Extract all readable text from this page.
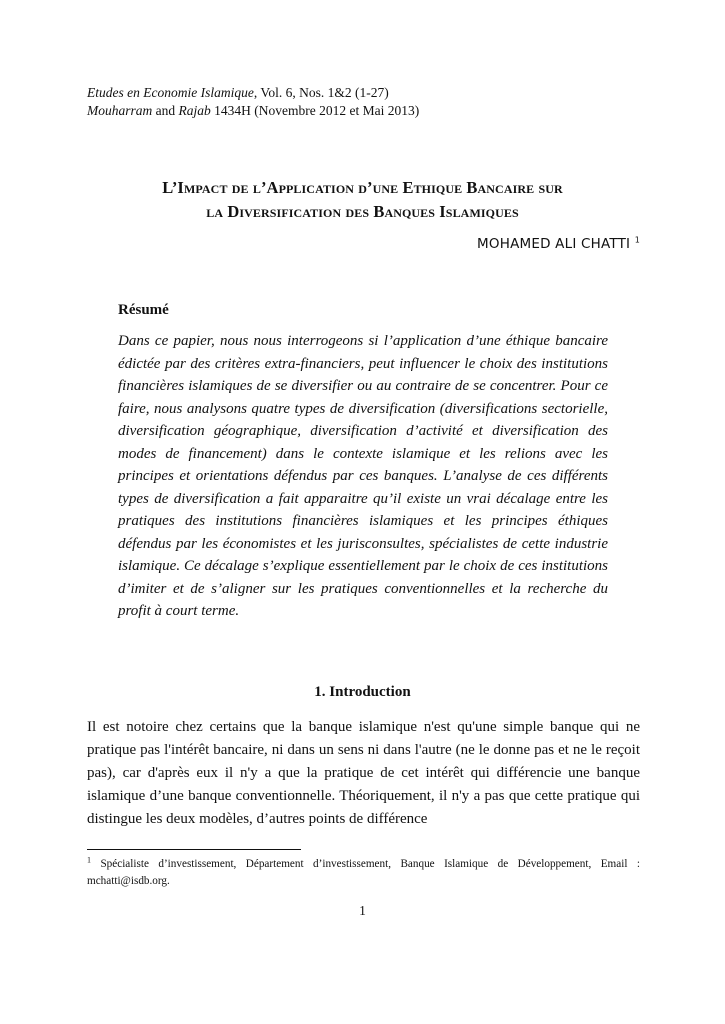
Etudes en Economie Islamique, Vol. 6, Nos. 1&2 (1-27)
Mouharram and Rajab 1434H (Novembre 2012 et Mai 2013)
L’Impact de l’Application d’une Ethique Bancaire sur
la Diversification des Banques Islamiques
MOHAMED ALI CHATTI $^1$
Résumé

Dans ce papier, nous nous interrogeons si l’application d’une éthique bancaire édictée par des critères extra-financiers, peut influencer le choix des institutions financières islamiques de se diversifier ou au contraire de se concentrer. Pour ce faire, nous analysons quatre types de diversification (diversifications sectorielle, diversification géographique, diversification d’activité et diversification des modes de financement) dans le contexte islamique et les relions avec les principes et orientations défendus par ces banques. L’analyse de ces différents types de diversification a fait apparaitre qu’il existe un vrai décalage entre les pratiques des institutions financières islamiques et les principes éthiques défendus par les économistes et les jurisconsultes, spécialistes de cette industrie islamique. Ce décalage s’explique essentiellement par le choix de ces institutions d’imiter et de s’aligner sur les pratiques conventionnelles et la recherche du profit à court terme.

1. Introduction

Il est notoire chez certains que la banque islamique n'est qu'une simple banque qui ne pratique pas l'intérêt bancaire, ni dans un sens ni dans l'autre (ne le donne pas et ne le reçoit pas), car d'après eux il n'y a que la pratique de cet intérêt qui différencie une banque islamique d’une banque conventionnelle. Théoriquement, il n'y a pas que cette pratique qui distingue les deux modèles, d’autres points de différence

$^1$ Spécialiste d’investissement, Département d’investissement, Banque Islamique de Développement, Email : mchatti@isdb.org.

1
